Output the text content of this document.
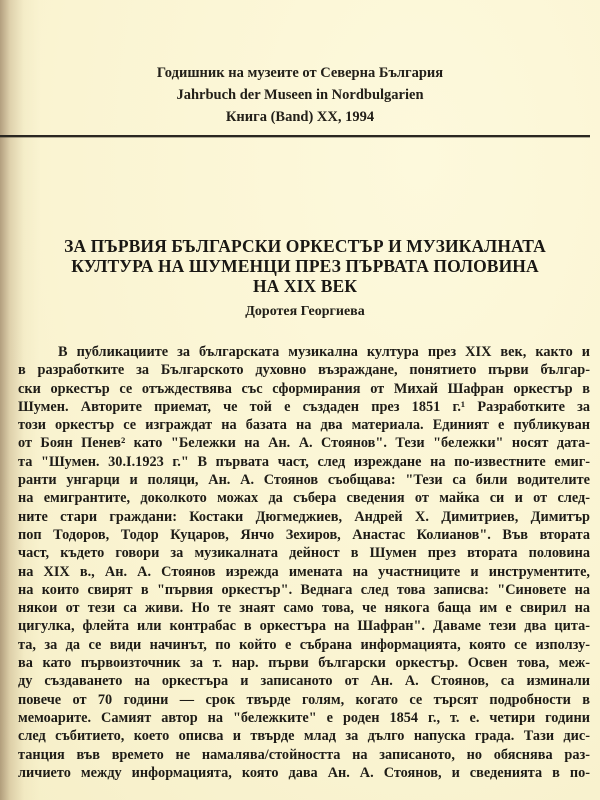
Годишник на музеите от Северна България
Jahrbuch der Museen in Nordbulgarien
Книга (Band) XX, 1994
ЗА ПЪРВИЯ БЪЛГАРСКИ ОРКЕСТЪР И МУЗИКАЛНАТА
КУЛТУРА НА ШУМЕНЦИ ПРЕЗ ПЪРВАТА ПОЛОВИНА
НА XIX ВЕК
Доротея Георгиева
В публикациите за българската музикална култура през XIX век, както и
в разработките за Българското духовно възраждане, понятието първи българ-
ски оркестър се отъждествява със сформирания от Михай Шафран оркестър в
Шумен. Авторите приемат, че той е създаден през 1851 г.¹ Разработките за
този оркестър се изграждат на базата на два материала. Единият е публикуван
от Боян Пенев² като "Бележки на Ан. А. Стоянов". Тези "бележки" носят дата-
та "Шумен. 30.I.1923 г." В първата част, след изреждане на по-известните емиг-
ранти унгарци и поляци, Ан. А. Стоянов съобщава: "Тези са били водителите
на емигрантите, доколкото можах да събера сведения от майка си и от след-
ните стари граждани: Костаки Дюгмеджиев, Андрей Х. Димитриев, Димитър
поп Тодоров, Тодор Куцаров, Янчо Зехиров, Анастас Колианов". Във втората
част, където говори за музикалната дейност в Шумен през втората половина
на XIX в., Ан. А. Стоянов изрежда имената на участниците и инструментите,
на които свирят в "първия оркестър". Веднага след това записва: "Синовете на
някои от тези са живи. Но те знаят само това, че някога баща им е свирил на
цигулка, флейта или контрабас в оркестъра на Шафран". Даваме тези два цита-
та, за да се види начинът, по който е събрана информацията, която се използу-
ва като първоизточник за т. нар. първи български оркестър. Освен това, меж-
ду създаването на оркестъра и записаното от Ан. А. Стоянов, са изминали
повече от 70 години — срок твърде голям, когато се търсят подробности в
мемоарите. Самият автор на "бележките" е роден 1854 г., т. е. четири години
след събитието, което описва и твърде млад за дълго напуска града. Тази дис-
танция във времето не намалява/стойността на записаното, но обяснява раз-
личието между информацията, която дава Ан. А. Стоянов, и сведенията в по-
